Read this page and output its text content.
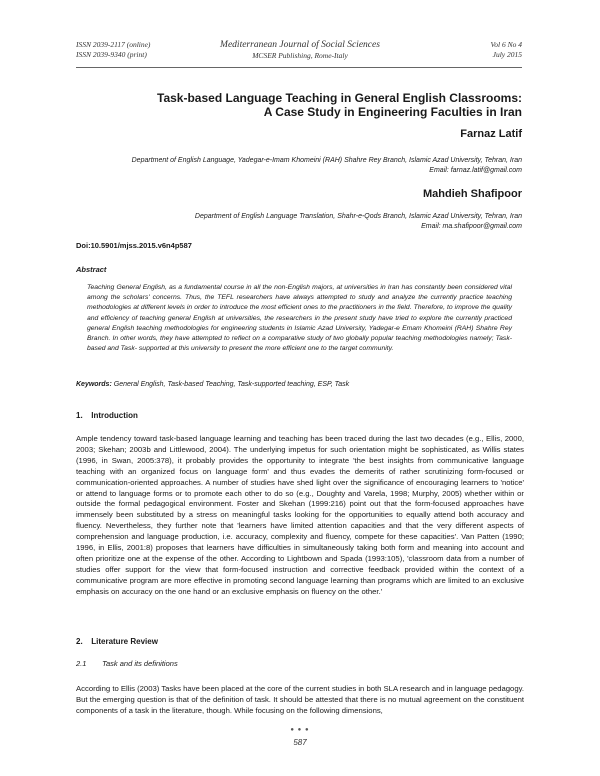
ISSN 2039-2117 (online)
ISSN 2039-9340 (print)
Mediterranean Journal of Social Sciences
MCSER Publishing, Rome-Italy
Vol 6 No 4
July 2015
Task-based Language Teaching in General English Classrooms:
A Case Study in Engineering Faculties in Iran
Farnaz Latif
Department of English Language, Yadegar-e-Imam Khomeini (RAH) Shahre Rey Branch, Islamic Azad University, Tehran, Iran
Email: farnaz.latif@gmail.com
Mahdieh Shafipoor
Department of English Language Translation, Shahr-e-Qods Branch, Islamic Azad University, Tehran, Iran
Email: ma.shafipoor@gmail.com
Doi:10.5901/mjss.2015.v6n4p587
Abstract
Teaching General English, as a fundamental course in all the non-English majors, at universities in Iran has constantly been considered vital among the scholars' concerns. Thus, the TEFL researchers have always attempted to study and analyze the currently practice teaching methodologies at different levels in order to introduce the most efficient ones to the practitioners in the field. Therefore, to improve the quality and efficiency of teaching general English at universities, the researchers in the present study have tried to explore the currently practiced general English teaching methodologies for engineering students in Islamic Azad University, Yadegar-e Emam Khomeini (RAH) Shahre Rey Branch. In other words, they have attempted to reflect on a comparative study of two globally popular teaching methodologies namely; Task-based and Task- supported at this university to present the more efficient one to the target community.
Keywords: General English, Task-based Teaching, Task-supported teaching, ESP, Task
1. Introduction
Ample tendency toward task-based language learning and teaching has been traced during the last two decades (e.g., Ellis, 2000, 2003; Skehan; 2003b and Littlewood, 2004). The underlying impetus for such orientation might be sophisticated, as Willis states (1996, in Swan, 2005:378), it probably provides the opportunity to integrate 'the best insights from communicative language teaching with an organized focus on language form' and thus evades the demerits of rather scrutinizing form-focused or communication-oriented approaches. A number of studies have shed light over the significance of encouraging learners to 'notice' or attend to language forms or to promote each other to do so (e.g., Doughty and Varela, 1998; Murphy, 2005) whether within or outside the formal pedagogical environment. Foster and Skehan (1999:216) point out that the form-focused approaches have immensely been substituted by a stress on meaningful tasks looking for the opportunities to equally attend both accuracy and fluency. Nevertheless, they further note that 'learners have limited attention capacities and that the very different aspects of comprehension and language production, i.e. accuracy, complexity and fluency, compete for these capacities'. Van Patten (1990; 1996, in Ellis, 2001:8) proposes that learners have difficulties in simultaneously taking both form and meaning into account and often prioritize one at the expense of the other. According to Lightbown and Spada (1993:105), 'classroom data from a number of studies offer support for the view that form-focused instruction and corrective feedback provided within the context of a communicative program are more effective in promoting second language learning than programs which are limited to an exclusive emphasis on accuracy on the one hand or an exclusive emphasis on fluency on the other.'
2. Literature Review
2.1 Task and its definitions
According to Ellis (2003) Tasks have been placed at the core of the current studies in both SLA research and in language pedagogy. But the emerging question is that of the definition of task. It should be attested that there is no mutual agreement on the constituent components of a task in the literature, though. While focusing on the following dimensions,
● ● ●
587
